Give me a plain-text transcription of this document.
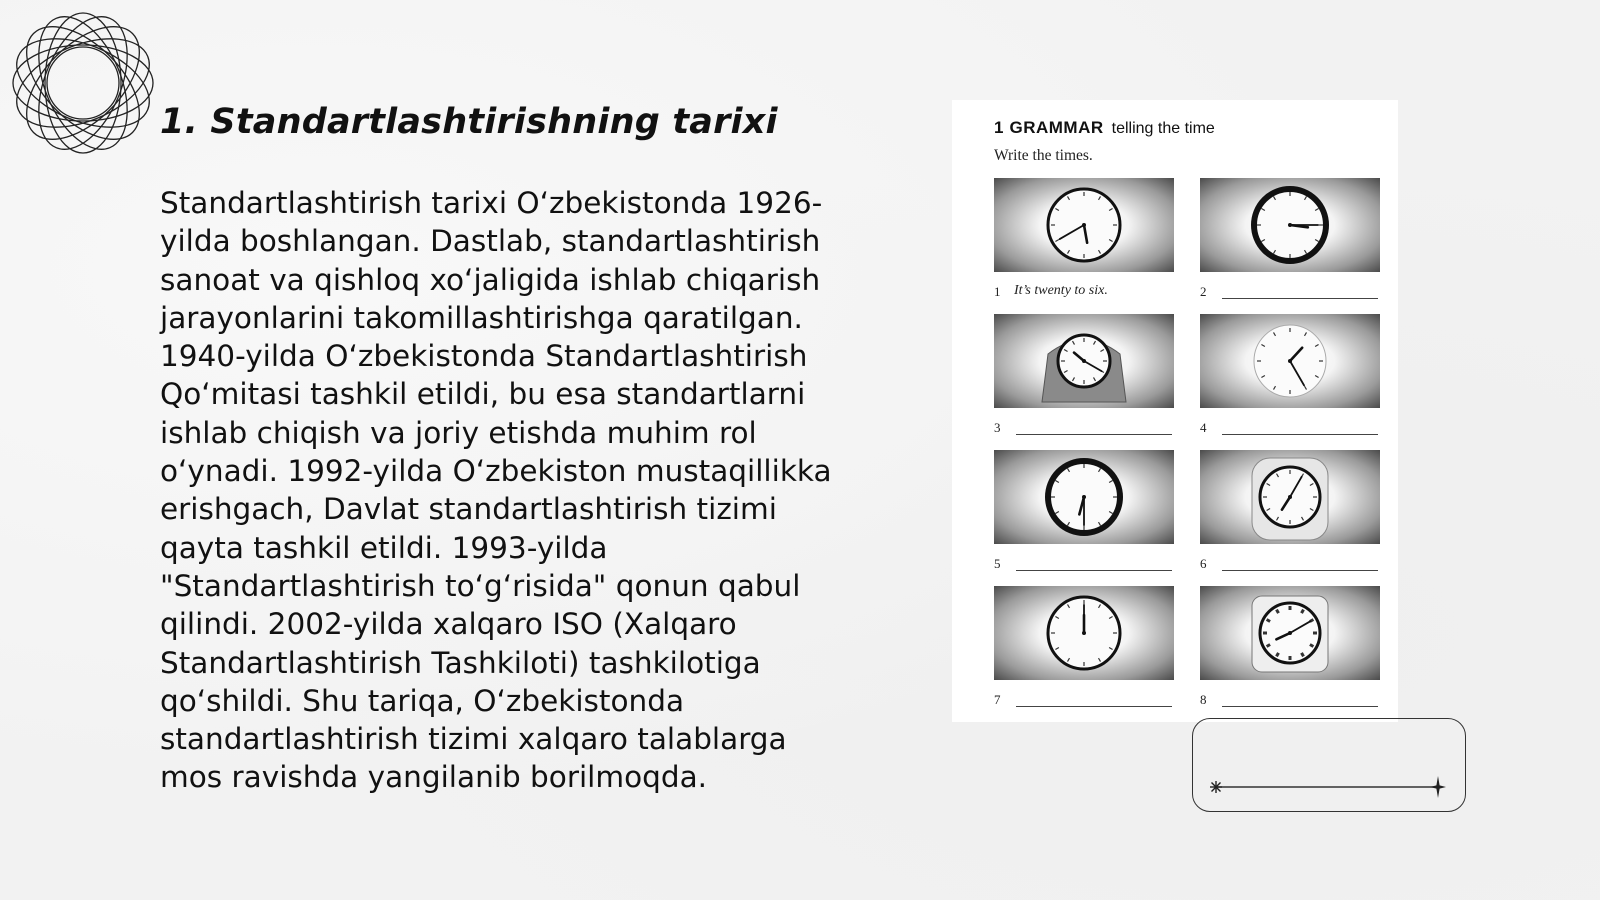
1. Standartlashtirishning tarixi

Standartlashtirish tarixi O‘zbekistonda 1926-yilda boshlangan. Dastlab, standartlashtirish sanoat va qishloq xo‘jaligida ishlab chiqarish jarayonlarini takomillashtirishga qaratilgan. 1940-yilda O‘zbekistonda Standartlashtirish Qo‘mitasi tashkil etildi, bu esa standartlarni ishlab chiqish va joriy etishda muhim rol o‘ynadi. 1992-yilda O‘zbekiston mustaqillikka erishgach, Davlat standartlashtirish tizimi qayta tashkil etildi. 1993-yilda "Standartlashtirish to‘g‘risida" qonun qabul qilindi. 2002-yilda xalqaro ISO (Xalqaro Standartlashtirish Tashkiloti) tashkilotiga qo‘shildi. Shu tariqa, O‘zbekistonda standartlashtirish tizimi xalqaro talablarga mos ravishda yangilanib borilmoqda.

1 GRAMMAR telling the time
Write the times.
1 It’s twenty to six.	2
3	4
5	6
7	8
